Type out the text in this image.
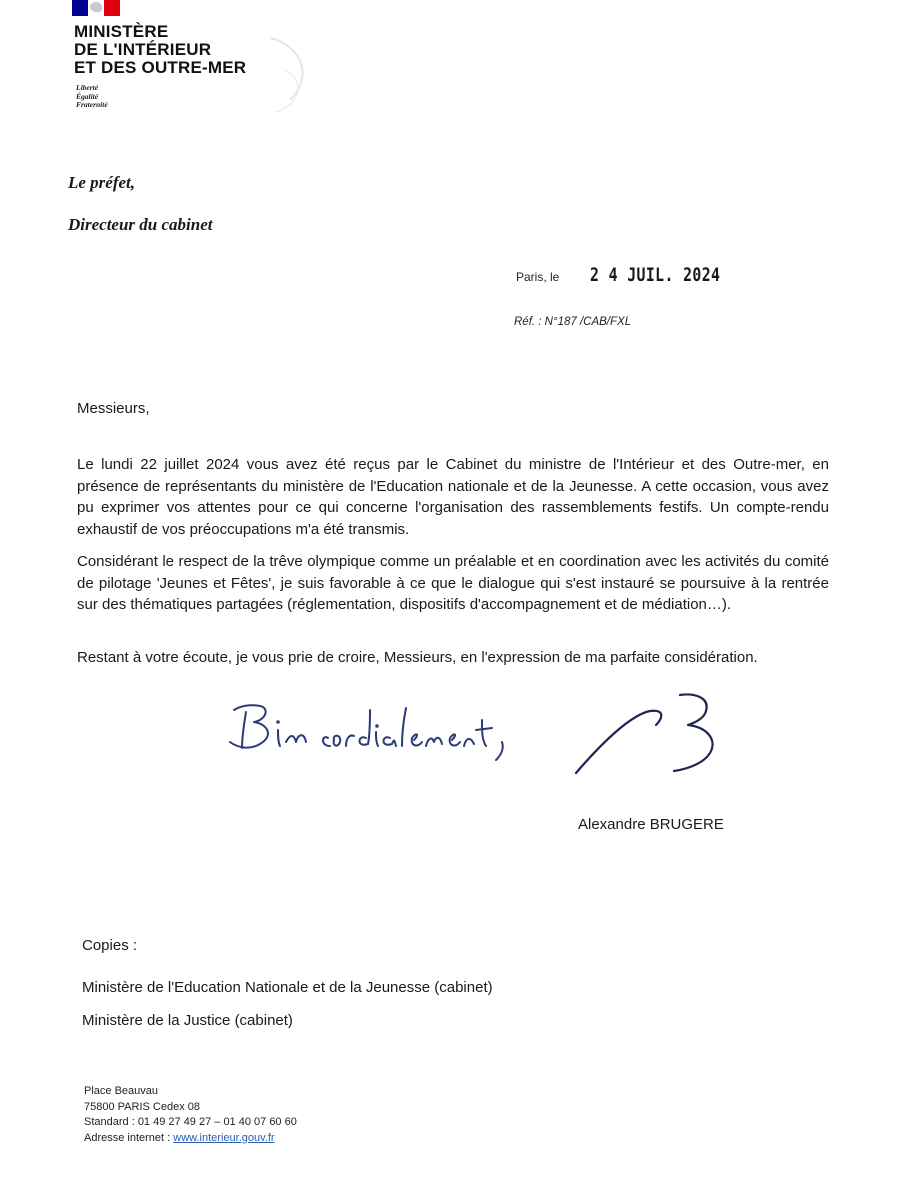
MINISTÈRE
DE L'INTÉRIEUR
ET DES OUTRE-MER
Liberté
Égalité
Fraternité
Le préfet,
Directeur du cabinet
Paris, le 2 4 JUIL. 2024
Réf. : N°187 /CAB/FXL
Messieurs,
Le lundi 22 juillet 2024 vous avez été reçus par le Cabinet du ministre de l'Intérieur et des Outre-mer, en présence de représentants du ministère de l'Education nationale et de la Jeunesse. A cette occasion, vous avez pu exprimer vos attentes pour ce qui concerne l'organisation des rassemblements festifs. Un compte-rendu exhaustif de vos préoccupations m'a été transmis.
Considérant le respect de la trêve olympique comme un préalable et en coordination avec les activités du comité de pilotage 'Jeunes et Fêtes', je suis favorable à ce que le dialogue qui s'est instauré se poursuive à la rentrée sur des thématiques partagées (réglementation, dispositifs d'accompagnement et de médiation…).
Restant à votre écoute, je vous prie de croire, Messieurs, en l'expression de ma parfaite considération.
Alexandre BRUGERE
Copies :
Ministère de l'Education Nationale et de la Jeunesse (cabinet)
Ministère de la Justice (cabinet)
Place Beauvau
75800 PARIS Cedex 08
Standard : 01 49 27 49 27 – 01 40 07 60 60
Adresse internet : www.interieur.gouv.fr
